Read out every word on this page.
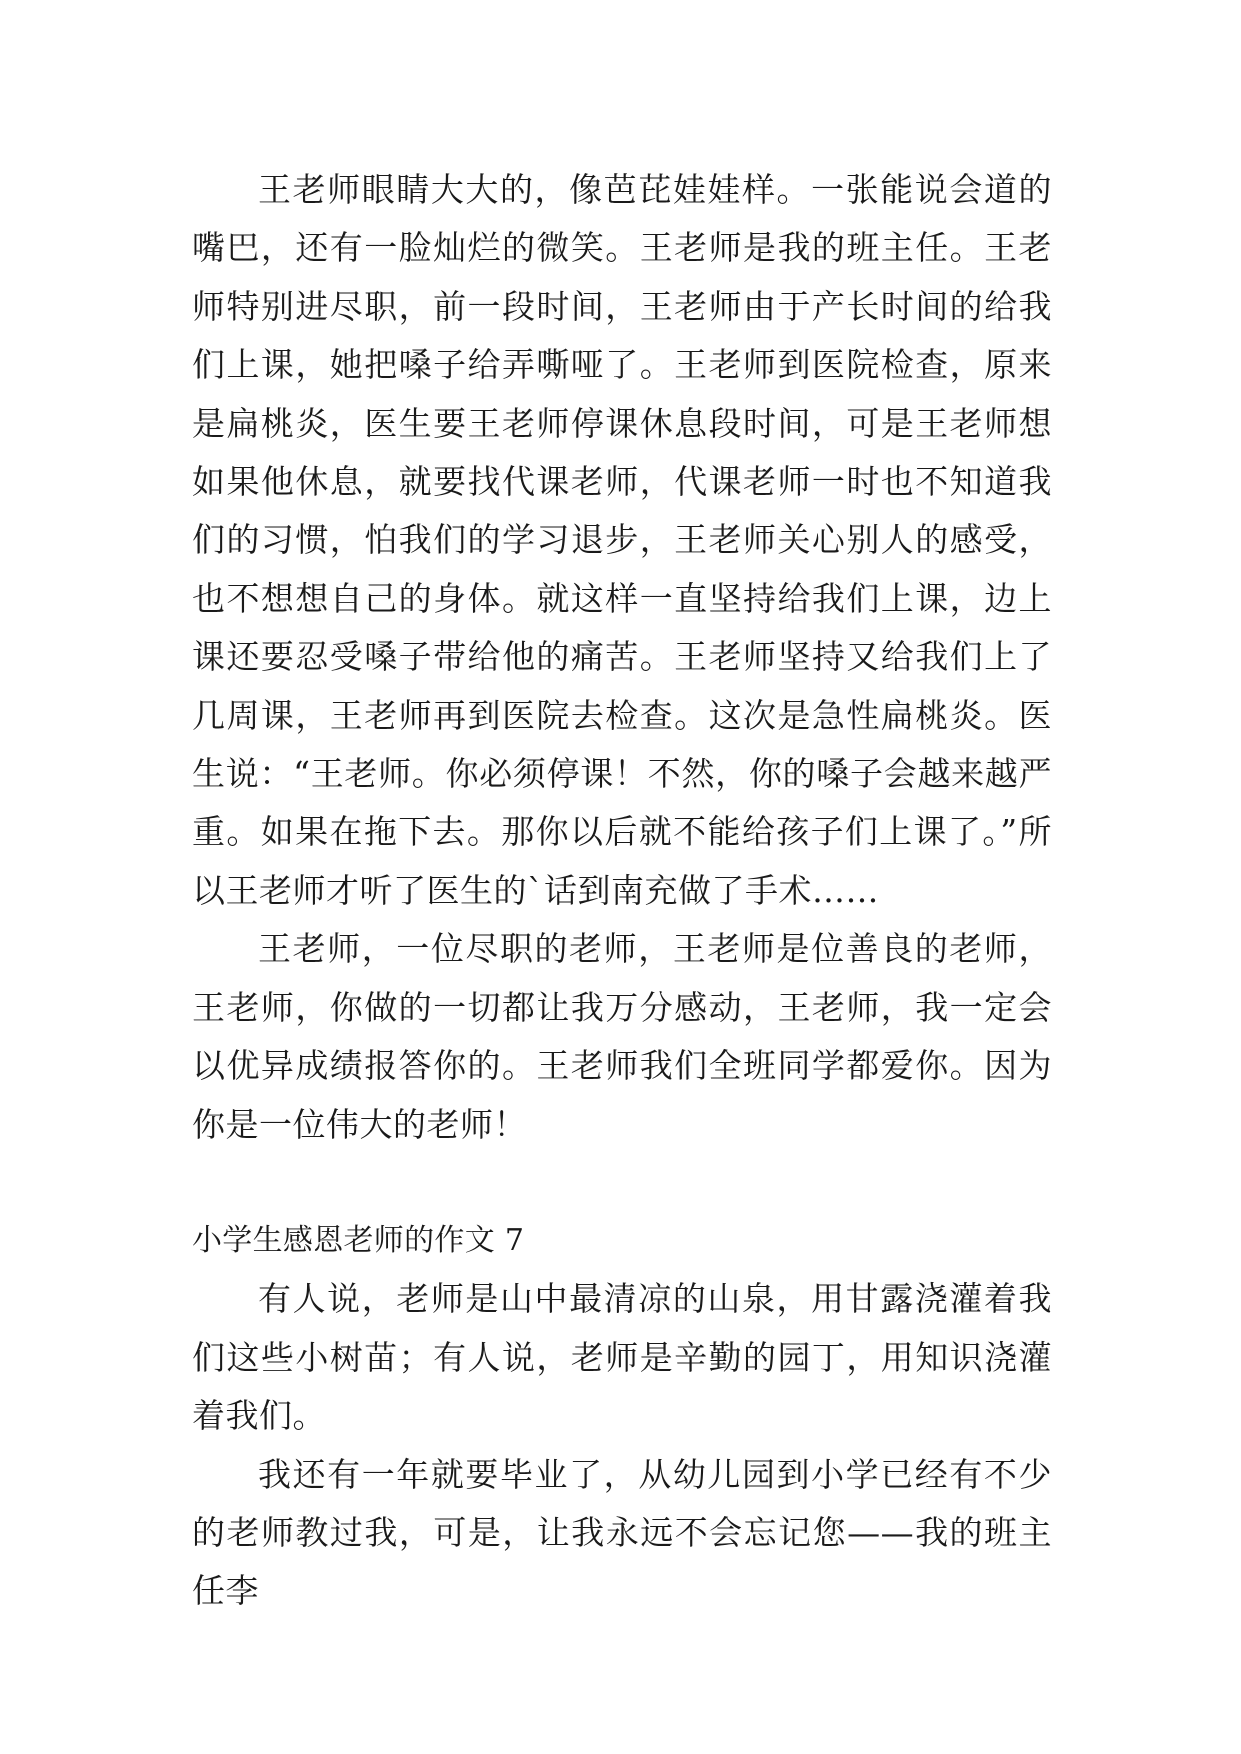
王老师眼睛大大的，像芭芘娃娃样。一张能说会道的嘴巴，还有一脸灿烂的微笑。王老师是我的班主任。王老师特别进尽职，前一段时间，王老师由于产长时间的给我们上课，她把嗓子给弄嘶哑了。王老师到医院检查，原来是扁桃炎，医生要王老师停课休息段时间，可是王老师想如果他休息，就要找代课老师，代课老师一时也不知道我们的习惯，怕我们的学习退步，王老师关心别人的感受，也不想想自己的身体。就这样一直坚持给我们上课，边上课还要忍受嗓子带给他的痛苦。王老师坚持又给我们上了几周课，王老师再到医院去检查。这次是急性扁桃炎。医生说：“王老师。你必须停课！不然，你的嗓子会越来越严重。如果在拖下去。那你以后就不能给孩子们上课了。”所以王老师才听了医生的`话到南充做了手术……

王老师，一位尽职的老师，王老师是位善良的老师，王老师，你做的一切都让我万分感动，王老师，我一定会以优异成绩报答你的。王老师我们全班同学都爱你。因为你是一位伟大的老师！

小学生感恩老师的作文 7

有人说，老师是山中最清凉的山泉，用甘露浇灌着我们这些小树苗；有人说，老师是辛勤的园丁，用知识浇灌着我们。

我还有一年就要毕业了，从幼儿园到小学已经有不少的老师教过我，可是，让我永远不会忘记您——我的班主任李
